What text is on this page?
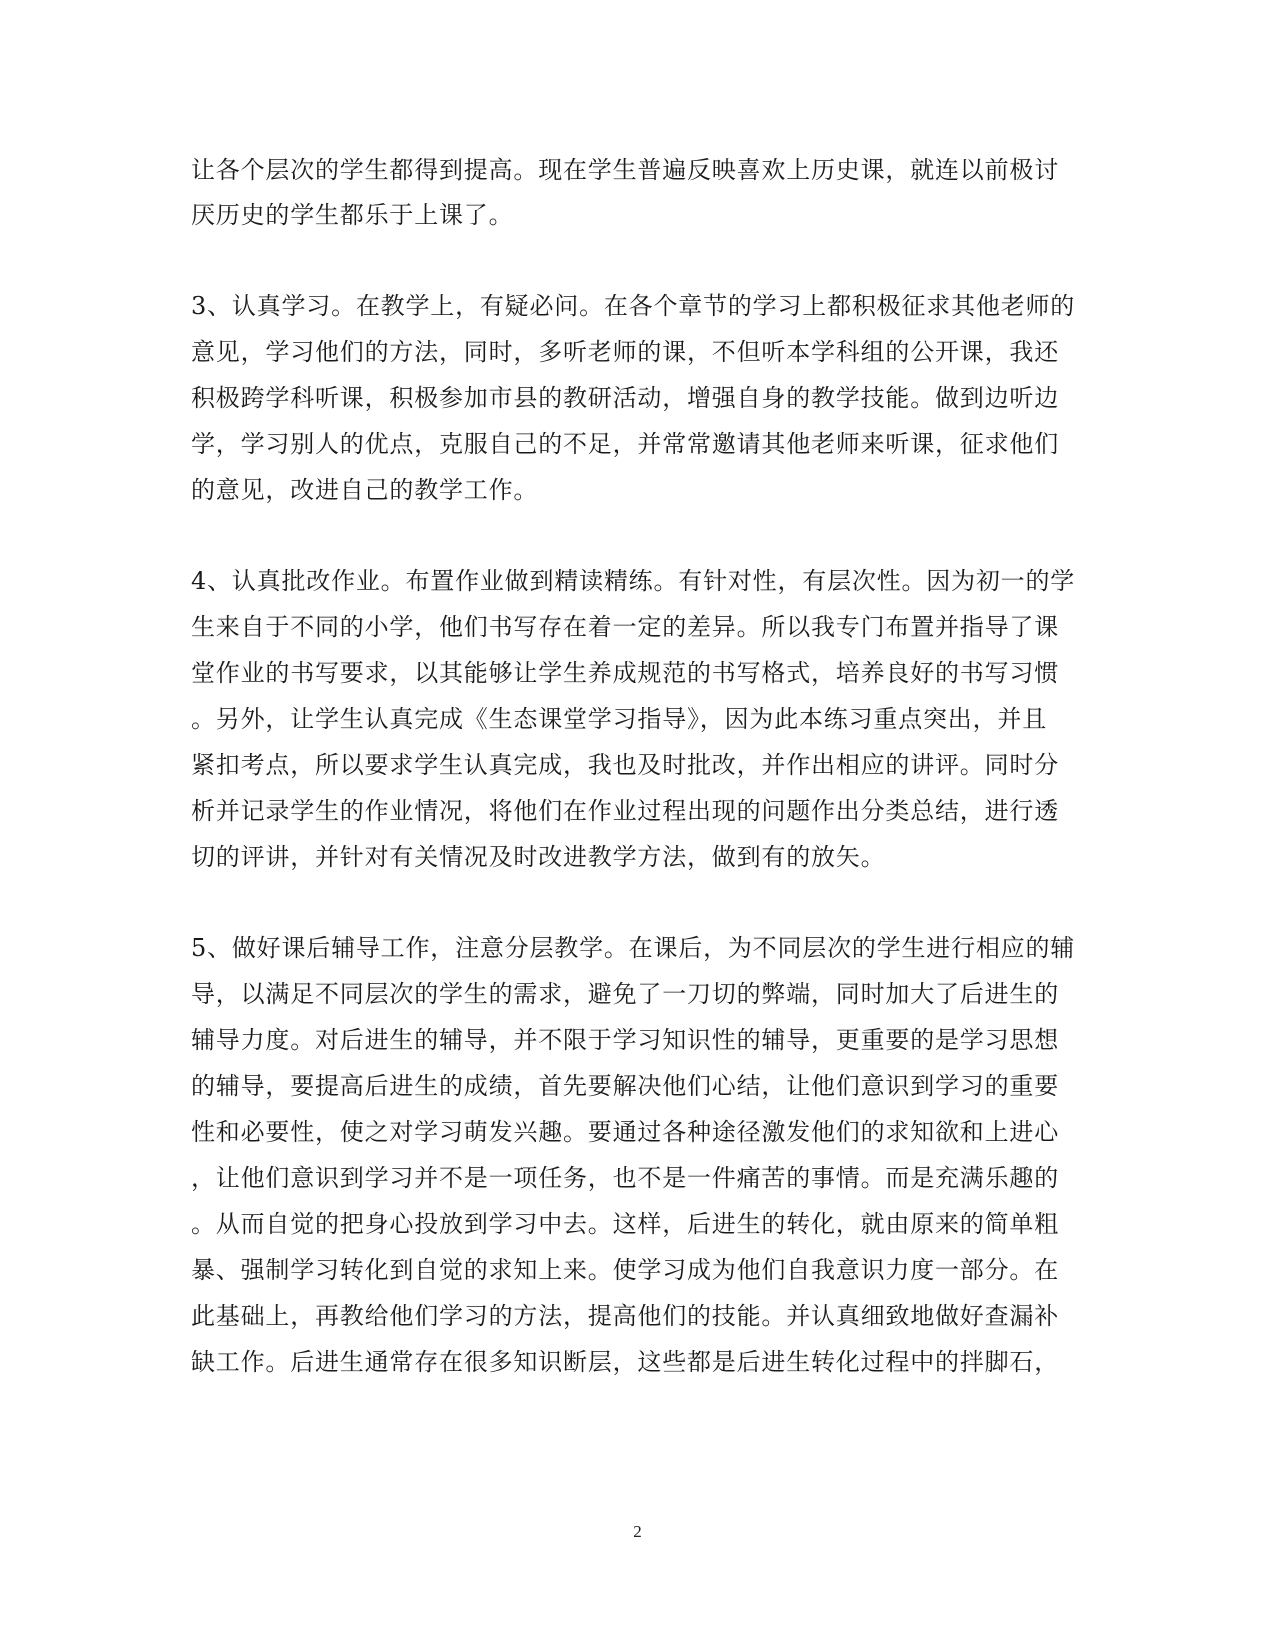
让各个层次的学生都得到提高。现在学生普遍反映喜欢上历史课，就连以前极讨
厌历史的学生都乐于上课了。
3、认真学习。在教学上，有疑必问。在各个章节的学习上都积极征求其他老师的
意见，学习他们的方法，同时，多听老师的课，不但听本学科组的公开课，我还
积极跨学科听课，积极参加市县的教研活动，增强自身的教学技能。做到边听边
学，学习别人的优点，克服自己的不足，并常常邀请其他老师来听课，征求他们
的意见，改进自己的教学工作。
4、认真批改作业。布置作业做到精读精练。有针对性，有层次性。因为初一的学
生来自于不同的小学，他们书写存在着一定的差异。所以我专门布置并指导了课
堂作业的书写要求，以其能够让学生养成规范的书写格式，培养良好的书写习惯
。另外，让学生认真完成《生态课堂学习指导》，因为此本练习重点突出，并且
紧扣考点，所以要求学生认真完成，我也及时批改，并作出相应的讲评。同时分
析并记录学生的作业情况，将他们在作业过程出现的问题作出分类总结，进行透
切的评讲，并针对有关情况及时改进教学方法，做到有的放矢。
5、做好课后辅导工作，注意分层教学。在课后，为不同层次的学生进行相应的辅
导，以满足不同层次的学生的需求，避免了一刀切的弊端，同时加大了后进生的
辅导力度。对后进生的辅导，并不限于学习知识性的辅导，更重要的是学习思想
的辅导，要提高后进生的成绩，首先要解决他们心结，让他们意识到学习的重要
性和必要性，使之对学习萌发兴趣。要通过各种途径激发他们的求知欲和上进心
，让他们意识到学习并不是一项任务，也不是一件痛苦的事情。而是充满乐趣的
。从而自觉的把身心投放到学习中去。这样，后进生的转化，就由原来的简单粗
暴、强制学习转化到自觉的求知上来。使学习成为他们自我意识力度一部分。在
此基础上，再教给他们学习的方法，提高他们的技能。并认真细致地做好查漏补
缺工作。后进生通常存在很多知识断层，这些都是后进生转化过程中的拌脚石，
2
